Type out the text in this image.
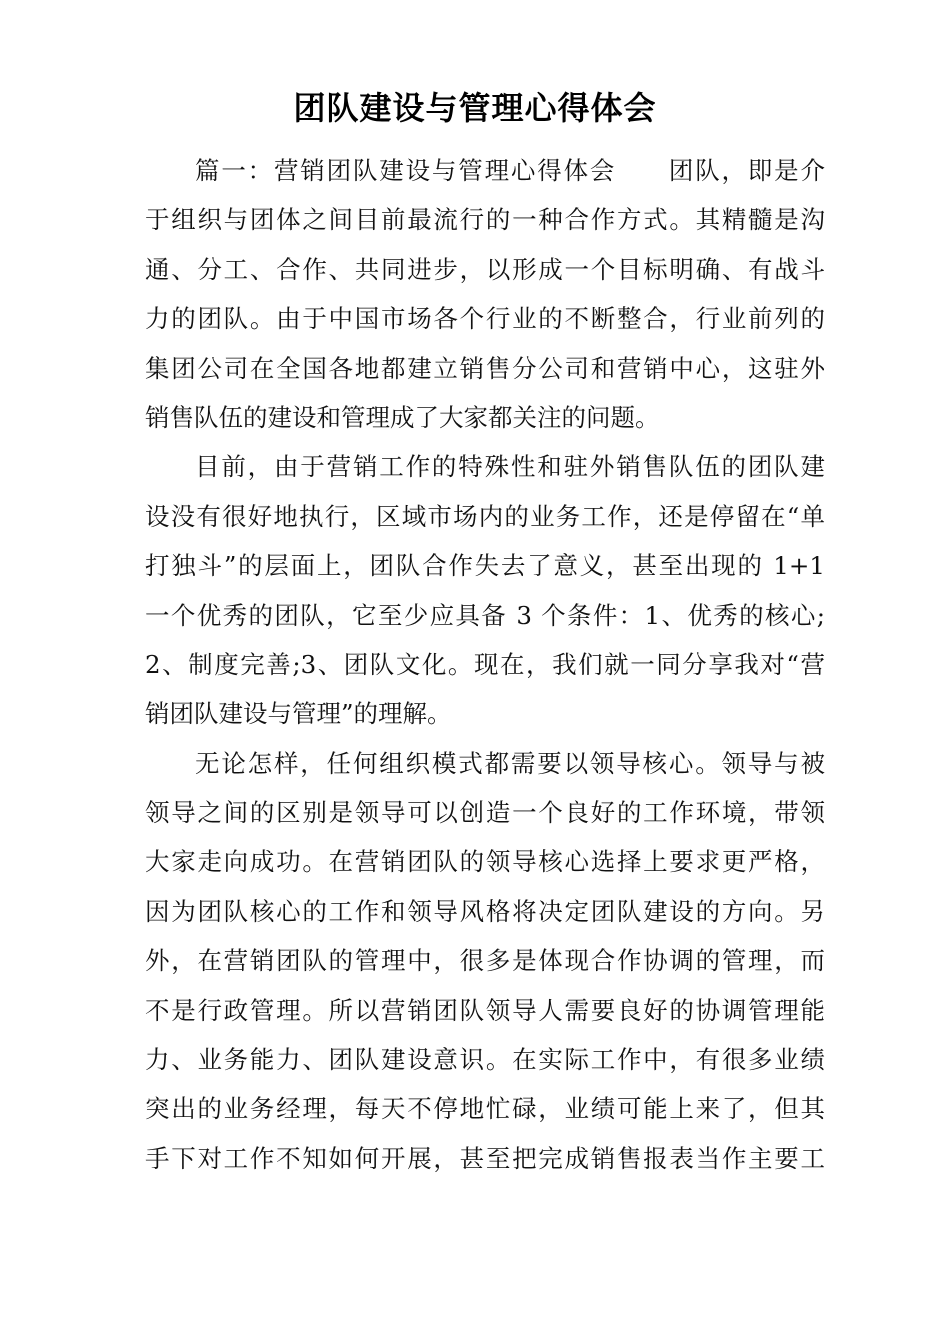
团队建设与管理心得体会
篇一：营销团队建设与管理心得体会　　团队，即是介
于组织与团体之间目前最流行的一种合作方式。其精髓是沟
通、分工、合作、共同进步，以形成一个目标明确、有战斗
力的团队。由于中国市场各个行业的不断整合，行业前列的
集团公司在全国各地都建立销售分公司和营销中心，这驻外
销售队伍的建设和管理成了大家都关注的问题。
目前，由于营销工作的特殊性和驻外销售队伍的团队建
设没有很好地执行，区域市场内的业务工作，还是停留在“单
打独斗”的层面上，团队合作失去了意义，甚至出现的 1+1
一个优秀的团队，它至少应具备 3 个条件：1、优秀的核心;
2、制度完善;3、团队文化。现在，我们就一同分享我对“营
销团队建设与管理”的理解。
无论怎样，任何组织模式都需要以领导核心。领导与被
领导之间的区别是领导可以创造一个良好的工作环境，带领
大家走向成功。在营销团队的领导核心选择上要求更严格，
因为团队核心的工作和领导风格将决定团队建设的方向。另
外，在营销团队的管理中，很多是体现合作协调的管理，而
不是行政管理。所以营销团队领导人需要良好的协调管理能
力、业务能力、团队建设意识。在实际工作中，有很多业绩
突出的业务经理，每天不停地忙碌，业绩可能上来了，但其
手下对工作不知如何开展，甚至把完成销售报表当作主要工
